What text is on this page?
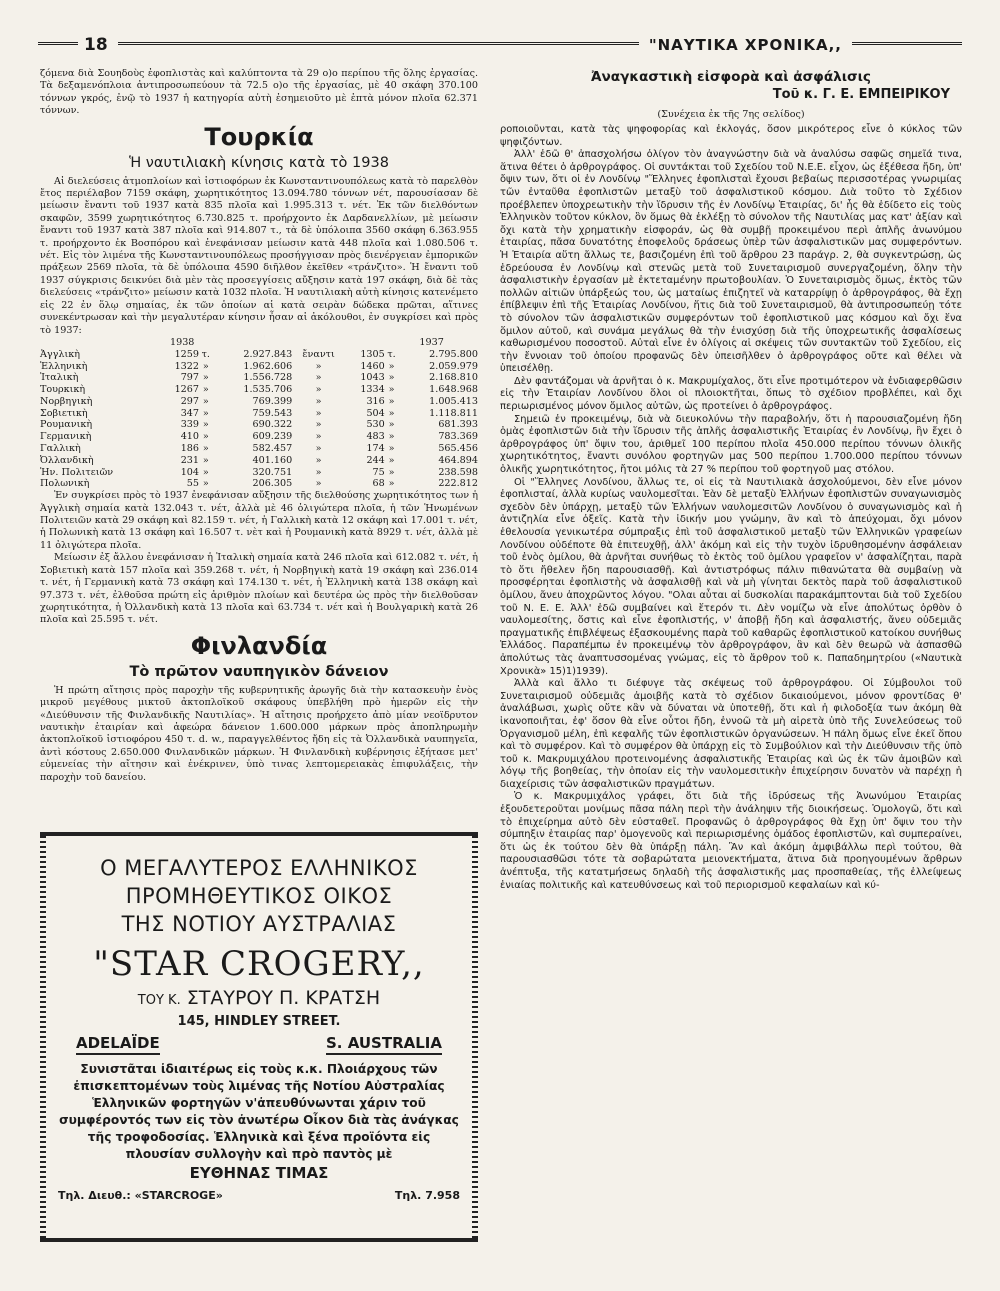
18	"ΝΑΥΤΙΚΑ ΧΡΟΝΙΚΑ,,

ζόμενα διὰ Σουηδοὺς ἐφοπλιστὰς καὶ καλύπτοντα τὰ 29 ο)ο περίπου τῆς ὅλης ἐργασίας. Τὰ δεξαμενόπλοια ἀντιπροσωπεύουν τὰ 72.5 ο)ο τῆς ἐργασίας, μὲ 40 σκάφη 370.100 τόννων γκρός, ἐνῷ τὸ 1937 ἡ κατηγορία αὐτὴ ἐσημειοῦτο μὲ ἑπτὰ μόνον πλοῖα 62.371 τόννων.

Τουρκία
Ἡ ναυτιλιακὴ κίνησις κατὰ τὸ 1938

Αἱ διελεύσεις ἀτμοπλοίων καὶ ἱστιοφόρων ἐκ Κωνσταντινουπόλεως κατὰ τὸ παρελθὸν ἔτος περιέλαβον 7159 σκάφη, χωρητικότητος 13.094.780 τόννων νέτ, παρουσίασαν δὲ μείωσιν ἔναντι τοῦ 1937 κατὰ 835 πλοῖα καὶ 1.995.313 τ. νέτ. Ἐκ τῶν διελθόντων σκαφῶν, 3599 χωρητικότητος 6.730.825 τ. προήρχοντο ἐκ Δαρδανελλίων, μὲ μείωσιν ἔναντι τοῦ 1937 κατὰ 387 πλοῖα καὶ 914.807 τ., τὰ δὲ ὑπόλοιπα 3560 σκάφη 6.363.955 τ. προήρχοντο ἐκ Βοσπόρου καὶ ἐνεφάνισαν μείωσιν κατὰ 448 πλοῖα καὶ 1.080.506 τ. νέτ. Εἰς τὸν λιμένα τῆς Κωνσταντινουπόλεως προσήγγισαν πρὸς διενέργειαν ἐμπορικῶν πράξεων 2569 πλοῖα, τὰ δὲ ὑπόλοιπα 4590 διῆλθον ἐκεῖθεν «τράνζιτο». Ἡ ἔναντι τοῦ 1937 σύγκρισις δεικνύει διὰ μὲν τὰς προσεγγίσεις αὔξησιν κατὰ 197 σκάφη, διὰ δὲ τὰς διελεύσεις «τράνζιτο» μείωσιν κατὰ 1032 πλοῖα. Ἡ ναυτιλιακὴ αὐτὴ κίνησις κατενέμετο εἰς 22 ἐν ὅλῳ σημαίας, ἐκ τῶν ὁποίων αἱ κατὰ σειρὰν δώδεκα πρῶται, αἵτινες συνεκέντρωσαν καὶ τὴν μεγαλυτέραν κίνησιν ἦσαν αἱ ἀκόλουθοι, ἐν συγκρίσει καὶ πρὸς τὸ 1937:

1938	1937
Ἀγγλικὴ	1259	τ.	2.927.843	ἔναντι	1305	τ.	2.795.800
Ἑλληνικὴ	1322	»	1.962.606	»	1460	»	2.059.979
Ἰταλικὴ	797	»	1.556.728	»	1043	»	2.168.810
Τουρκικὴ	1267	»	1.535.706	»	1334	»	1.648.968
Νορβηγικὴ	297	»	769.399	»	316	»	1.005.413
Σοβιετικὴ	347	»	759.543	»	504	»	1.118.811
Ρουμανικὴ	339	»	690.322	»	530	»	681.393
Γερμανικὴ	410	»	609.239	»	483	»	783.369
Γαλλικὴ	186	»	582.457	»	174	»	565.456
Ὀλλανδικὴ	231	»	401.160	»	244	»	464.894
Ἡν. Πολιτειῶν	104	»	320.751	»	75	»	238.598
Πολωνικὴ	55	»	206.305	»	68	»	222.812

Ἐν συγκρίσει πρὸς τὸ 1937 ἐνεφάνισαν αὔξησιν τῆς διελθούσης χωρητικότητος των ἡ Ἀγγλικὴ σημαία κατὰ 132.043 τ. νέτ, ἀλλὰ μὲ 46 ὀλιγώτερα πλοῖα, ἡ τῶν Ἡνωμένων Πολιτειῶν κατὰ 29 σκάφη καὶ 82.159 τ. νέτ, ἡ Γαλλικὴ κατὰ 12 σκάφη καὶ 17.001 τ. νέτ, ἡ Πολωνικὴ κατὰ 13 σκάφη καὶ 16.507 τ. νὲτ καὶ ἡ Ρουμανικὴ κατὰ 8929 τ. νέτ, ἀλλὰ μὲ 11 ὀλιγώτερα πλοῖα.

Μείωσιν ἐξ ἄλλου ἐνεφάνισαν ἡ Ἰταλικὴ σημαία κατὰ 246 πλοῖα καὶ 612.082 τ. νέτ, ἡ Σοβιετικὴ κατὰ 157 πλοῖα καὶ 359.268 τ. νέτ, ἡ Νορβηγικὴ κατὰ 19 σκάφη καὶ 236.014 τ. νέτ, ἡ Γερμανικὴ κατὰ 73 σκάφη καὶ 174.130 τ. νέτ, ἡ Ἑλληνικὴ κατὰ 138 σκάφη καὶ 97.373 τ. νέτ, ἐλθοῦσα πρώτη εἰς ἀριθμὸν πλοίων καὶ δευτέρα ὡς πρὸς τὴν διελθοῦσαν χωρητικότητα, ἡ Ὀλλανδικὴ κατὰ 13 πλοῖα καὶ 63.734 τ. νέτ καὶ ἡ Βουλγαρικὴ κατὰ 26 πλοῖα καὶ 25.595 τ. νέτ.

Φινλανδία
Τὸ πρῶτον ναυπηγικὸν δάνειον

Ἡ πρώτη αἴτησις πρὸς παροχὴν τῆς κυβερνητικῆς ἀρωγῆς διὰ τὴν κατασκευὴν ἑνὸς μικροῦ μεγέθους μικτοῦ ἀκτοπλοϊκοῦ σκάφους ὑπεβλήθη πρὸ ἡμερῶν εἰς τὴν «Διεύθυνσιν τῆς Φινλανδικῆς Ναυτιλίας». Ἡ αἴτησις προήρχετο ἀπὸ μίαν νεοϊδρυτον ναυτικὴν ἑταιρίαν καὶ ἀφεώρα δάνειον 1.600.000 μάρκων πρὸς ἀποπληρωμὴν ἀκτοπλοϊκοῦ ἱστιοφόρου 450 τ. d. w., παραγγελθέντος ἤδη εἰς τὰ Ὀλλανδικὰ ναυπηγεῖα, ἀντὶ κόστους 2.650.000 Φινλανδικῶν μάρκων. Ἡ Φινλανδικὴ κυβέρνησις ἐξήτασε μετ' εὐμενείας τὴν αἴτησιν καὶ ἐνέκρινεν, ὑπὸ τινας λεπτομερειακὰς ἐπιφυλάξεις, τὴν παροχὴν τοῦ δανείου.

Ο ΜΕΓΑΛΥΤΕΡΟΣ ΕΛΛΗΝΙΚΟΣ
ΠΡΟΜΗΘΕΥΤΙΚΟΣ ΟΙΚΟΣ
ΤΗΣ ΝΟΤΙΟΥ ΑΥΣΤΡΑΛΙΑΣ
"STAR CROGERY,,
ΤΟΥ Κ. ΣΤΑΥΡΟΥ Π. ΚΡΑΤΣΗ
145, HINDLEY STREET.
ADELAÏDE	S. AUSTRALIA
Συνιστᾶται ἰδιαιτέρως εἰς τοὺς κ.κ. Πλοιάρχους τῶν ἐπισκεπτομένων τοὺς λιμένας τῆς Νοτίου Αὐστραλίας Ἑλληνικῶν φορτηγῶν ν'ἀπευθύνωνται χάριν τοῦ συμφέροντός των εἰς τὸν ἀνωτέρω Οἶκον διὰ τὰς ἀνάγκας τῆς τροφοδοσίας. Ἑλληνικὰ καὶ ξένα προϊόντα εἰς πλουσίαν συλλογὴν καὶ πρὸ παντὸς μὲ
ΕΥΘΗΝΑΣ ΤΙΜΑΣ
Τηλ. Διευθ.: «STARCROGE»	Τηλ. 7.958
Ἀναγκαστικὴ εἰσφορὰ καὶ ἀσφάλισις
Τοῦ κ. Γ. Ε. ΕΜΠΕΙΡΙΚΟΥ
(Συνέχεια ἐκ τῆς 7ης σελίδος)

ροποιοῦνται, κατὰ τὰς ψηφοφορίας καὶ ἐκλογάς, ὅσον μικρότερος εἶνε ὁ κύκλος τῶν ψηφιζόντων.

Ἀλλ' ἐδῶ θ' ἀπασχολήσω ὀλίγον τὸν ἀναγνώστην διὰ νὰ ἀναλύσω σαφῶς σημεῖά τινα, ἅτινα θέτει ὁ ἀρθρογράφος. Οἱ συντάκται τοῦ Σχεδίου τοῦ Ν.Ε.Ε. εἶχον, ὡς ἐξέθεσα ἤδη, ὑπ' ὄψιν των, ὅτι οἱ ἐν Λονδίνῳ "Ἕλληνες ἐφοπλισταὶ ἔχουσι βεβαίως περισσοτέρας γνωριμίας τῶν ἐνταῦθα ἐφοπλιστῶν μεταξὺ τοῦ ἀσφαλιστικοῦ κόσμου. Διὰ τοῦτο τὸ Σχέδιον προέβλεπεν ὑποχρεωτικὴν τὴν ἵδρυσιν τῆς ἐν Λονδίνῳ Ἑταιρίας, δι' ἧς θὰ ἐδίδετο εἰς τοὺς Ἑλληνικὸν τοῦτον κύκλον, ὃν ὅμως θὰ ἐκλέξῃ τὸ σύνολον τῆς Ναυτιλίας μας κατ' ἀξίαν καὶ ὄχι κατὰ τὴν χρηματικὴν εἰσφοράν, ὡς θὰ συμβῇ προκειμένου περὶ ἁπλῆς ἀνωνύμου ἑταιρίας, πᾶσα δυνατότης ἐποφελοῦς δράσεως ὑπὲρ τῶν ἀσφαλιστικῶν μας συμφερόντων. Ἡ Ἑταιρία αὕτη ἄλλως τε, βασιζομένη ἐπὶ τοῦ ἄρθρου 23 παράγρ. 2, θὰ συγκεντρώσῃ, ὡς ἑδρεύουσα ἐν Λονδίνῳ καὶ στενῶς μετὰ τοῦ Συνεταιρισμοῦ συνεργαζομένη, ὅλην τὴν ἀσφαλιστικὴν ἐργασίαν μὲ ἐκτεταμένην πρωτοβουλίαν. Ὁ Συνεταιρισμὸς ὅμως, ἐκτὸς τῶν πολλῶν αἰτιῶν ὑπάρξεώς του, ὡς ματαίως ἐπιζητεῖ νὰ καταρρίψῃ ὁ ἀρθρογράφος, θὰ ἔχῃ ἐπίβλεψιν ἐπὶ τῆς Ἑταιρίας Λονδίνου, ἥτις διὰ τοῦ Συνεταιρισμοῦ, θὰ ἀντιπροσωπεύῃ τότε τὸ σύνολον τῶν ἀσφαλιστικῶν συμφερόντων τοῦ ἐφοπλιστικοῦ μας κόσμου καὶ ὄχι ἕνα ὅμιλον αὐτοῦ, καὶ συνάμα μεγάλως θὰ τὴν ἐνισχύσῃ διὰ τῆς ὑποχρεωτικῆς ἀσφαλίσεως καθωρισμένου ποσοστοῦ. Αὐταὶ εἶνε ἐν ὀλίγοις αἱ σκέψεις τῶν συντακτῶν τοῦ Σχεδίου, εἰς τὴν ἔννοιαν τοῦ ὁποίου προφανῶς δὲν ὑπεισῆλθεν ὁ ἀρθρογράφος οὔτε καὶ θέλει νὰ ὑπεισέλθῃ.

Δὲν φαντάζομαι νὰ ἀρνῆται ὁ κ. Μακρυμίχαλος, ὅτι εἶνε προτιμότερον νὰ ἐνδιαφερθῶσιν εἰς τὴν Ἑταιρίαν Λονδίνου ὅλοι οἱ πλοιοκτῆται, ὅπως τὸ σχέδιον προβλέπει, καὶ ὄχι περιωρισμένος μόνον ὅμιλος αὐτῶν, ὡς προτείνει ὁ ἀρθρογράφος.

Σημειῶ ἐν προκειμένῳ, διὰ νὰ διευκολύνω τὴν παραβολήν, ὅτι ἡ παρουσιαζομένη ἤδη ὁμὰς ἐφοπλιστῶν διὰ τὴν ἵδρυσιν τῆς ἁπλῆς ἀσφαλιστικῆς Ἑταιρίας ἐν Λονδίνῳ, ἣν ἔχει ὁ ἀρθρογράφος ὑπ' ὄψιν του, ἀριθμεῖ 100 περίπου πλοῖα 450.000 περίπου τόννων ὁλικῆς χωρητικότητος, ἔναντι συνόλου φορτηγῶν μας 500 περίπου 1.700.000 περίπου τόννων ὁλικῆς χωρητικότητος, ἤτοι μόλις τὰ 27 % περίπου τοῦ φορτηγοῦ μας στόλου.

Οἱ "Ἕλληνες Λονδίνου, ἄλλως τε, οἱ εἰς τὰ Ναυτιλιακὰ ἀσχολούμενοι, δὲν εἶνε μόνον ἐφοπλισταί, ἀλλὰ κυρίως ναυλομεσῖται. Ἐὰν δὲ μεταξὺ Ἑλλήνων ἐφοπλιστῶν συναγωνισμὸς σχεδὸν δὲν ὑπάρχῃ, μεταξὺ τῶν Ἑλλήνων ναυλομεσιτῶν Λονδίνου ὁ συναγωνισμὸς καὶ ἡ ἀντιζηλία εἶνε ὀξεῖς. Κατὰ τὴν ἰδικήν μου γνώμην, ἂν καὶ τὸ ἀπεύχομαι, ὄχι μόνον ἐθελουσία γενικωτέρα σύμπραξις ἐπὶ τοῦ ἀσφαλιστικοῦ μεταξὺ τῶν Ἑλληνικῶν γραφείων Λονδίνου οὐδέποτε θὰ ἐπιτευχθῇ, ἀλλ' ἀκόμη καὶ εἰς τὴν τυχὸν ἰδρυθησομένην ἀσφάλειαν τοῦ ἑνὸς ὁμίλου, θὰ ἀρνῆται συνήθως τὸ ἐκτὸς τοῦ ὁμίλου γραφεῖον ν' ἀσφαλίζηται, παρὰ τὸ ὅτι ἤθελεν ἤδη παρουσιασθῇ. Καὶ ἀντιστρόφως πάλιν πιθανώτατα θὰ συμβαίνῃ νὰ προσφέρηται ἐφοπλιστὴς νὰ ἀσφαλισθῇ καὶ νὰ μὴ γίνηται δεκτὸς παρὰ τοῦ ἀσφαλιστικοῦ ὁμίλου, ἄνευ ἀποχρῶντος λόγου. "Ολαι αὗται αἱ δυσκολίαι παρακάμπτονται διὰ τοῦ Σχεδίου τοῦ Ν. Ε. Ε. Ἀλλ' ἐδῶ συμβαίνει καὶ ἕτερόν τι. Δὲν νομίζω νὰ εἶνε ἀπολύτως ὀρθὸν ὁ ναυλομεσίτης, ὅστις καὶ εἶνε ἐφοπλιστής, ν' ἀποβῇ ἤδη καὶ ἀσφαλιστής, ἄνευ οὐδεμιᾶς πραγματικῆς ἐπιβλέψεως ἐξασκουμένης παρὰ τοῦ καθαρῶς ἐφοπλιστικοῦ κατοίκου συνήθως Ἑλλάδος. Παραπέμπω ἐν προκειμένῳ τὸν ἀρθρογράφον, ἂν καὶ δὲν θεωρῶ νὰ ἀσπασθῶ ἀπολύτως τὰς ἀναπτυσσομένας γνώμας, εἰς τὸ ἄρθρον τοῦ κ. Παπαδημητρίου («Ναυτικὰ Χρονικὰ» 15)1)1939).

Ἀλλὰ καὶ ἄλλο τι διέφυγε τὰς σκέψεως τοῦ ἀρθρογράφου. Οἱ Σύμβουλοι τοῦ Συνεταιρισμοῦ οὐδεμιᾶς ἀμοιβῆς κατὰ τὸ σχέδιον δικαιούμενοι, μόνον φροντίδας θ' ἀναλάβωσι, χωρὶς οὔτε κἂν νὰ δύναται νὰ ὑποτεθῇ, ὅτι καὶ ἡ φιλοδοξία των ἀκόμη θὰ ἱκανοποιῆται, ἐφ' ὅσον θὰ εἶνε οὗτοι ἤδη, ἐννοῶ τὰ μὴ αἱρετὰ ὑπὸ τῆς Συνελεύσεως τοῦ Ὀργανισμοῦ μέλη, ἐπὶ κεφαλῆς τῶν ἐφοπλιστικῶν ὀργανώσεων. Ἡ πάλη ὅμως εἶνε ἐκεῖ ὅπου καὶ τὸ συμφέρον. Καὶ τὸ συμφέρον θὰ ὑπάρχῃ εἰς τὸ Συμβούλιον καὶ τὴν Διεύθυνσιν τῆς ὑπὸ τοῦ κ. Μακρυμιχάλου προτεινομένης ἀσφαλιστικῆς Ἑταιρίας καὶ ὡς ἐκ τῶν ἀμοιβῶν καὶ λόγῳ τῆς βοηθείας, τὴν ὁποίαν εἰς τὴν ναυλομεσιτικὴν ἐπιχείρησιν δυνατὸν νὰ παρέχῃ ἡ διαχείρισις τῶν ἀσφαλιστικῶν πραγμάτων.

Ὁ κ. Μακρυμιχάλος γράφει, ὅτι διὰ τῆς ἱδρύσεως τῆς Ἀνωνύμου Ἑταιρίας ἐξουδετεροῦται μονίμως πᾶσα πάλη περὶ τὴν ἀνάληψιν τῆς διοικήσεως. Ὁμολογῶ, ὅτι καὶ τὸ ἐπιχείρημα αὐτὸ δὲν εὐσταθεῖ. Προφανῶς ὁ ἀρθρογράφος θὰ ἔχῃ ὑπ' ὄψιν του τὴν σύμπηξιν ἑταιρίας παρ' ὁμογενοῦς καὶ περιωρισμένης ὁμάδος ἐφοπλιστῶν, καὶ συμπεραίνει, ὅτι ὡς ἐκ τούτου δὲν θὰ ὑπάρξῃ πάλη. Ἂν καὶ ἀκόμη ἀμφιβάλλω περὶ τούτου, θὰ παρουσιασθῶσι τότε τὰ σοβαρώτατα μειονεκτήματα, ἅτινα διὰ προηγουμένων ἄρθρων ἀνέπτυξα, τῆς κατατμήσεως δηλαδὴ τῆς ἀσφαλιστικῆς μας προσπαθείας, τῆς ἐλλείψεως ἑνιαίας πολιτικῆς καὶ κατευθύνσεως καὶ τοῦ περιορισμοῦ κεφαλαίων καὶ κύ-
